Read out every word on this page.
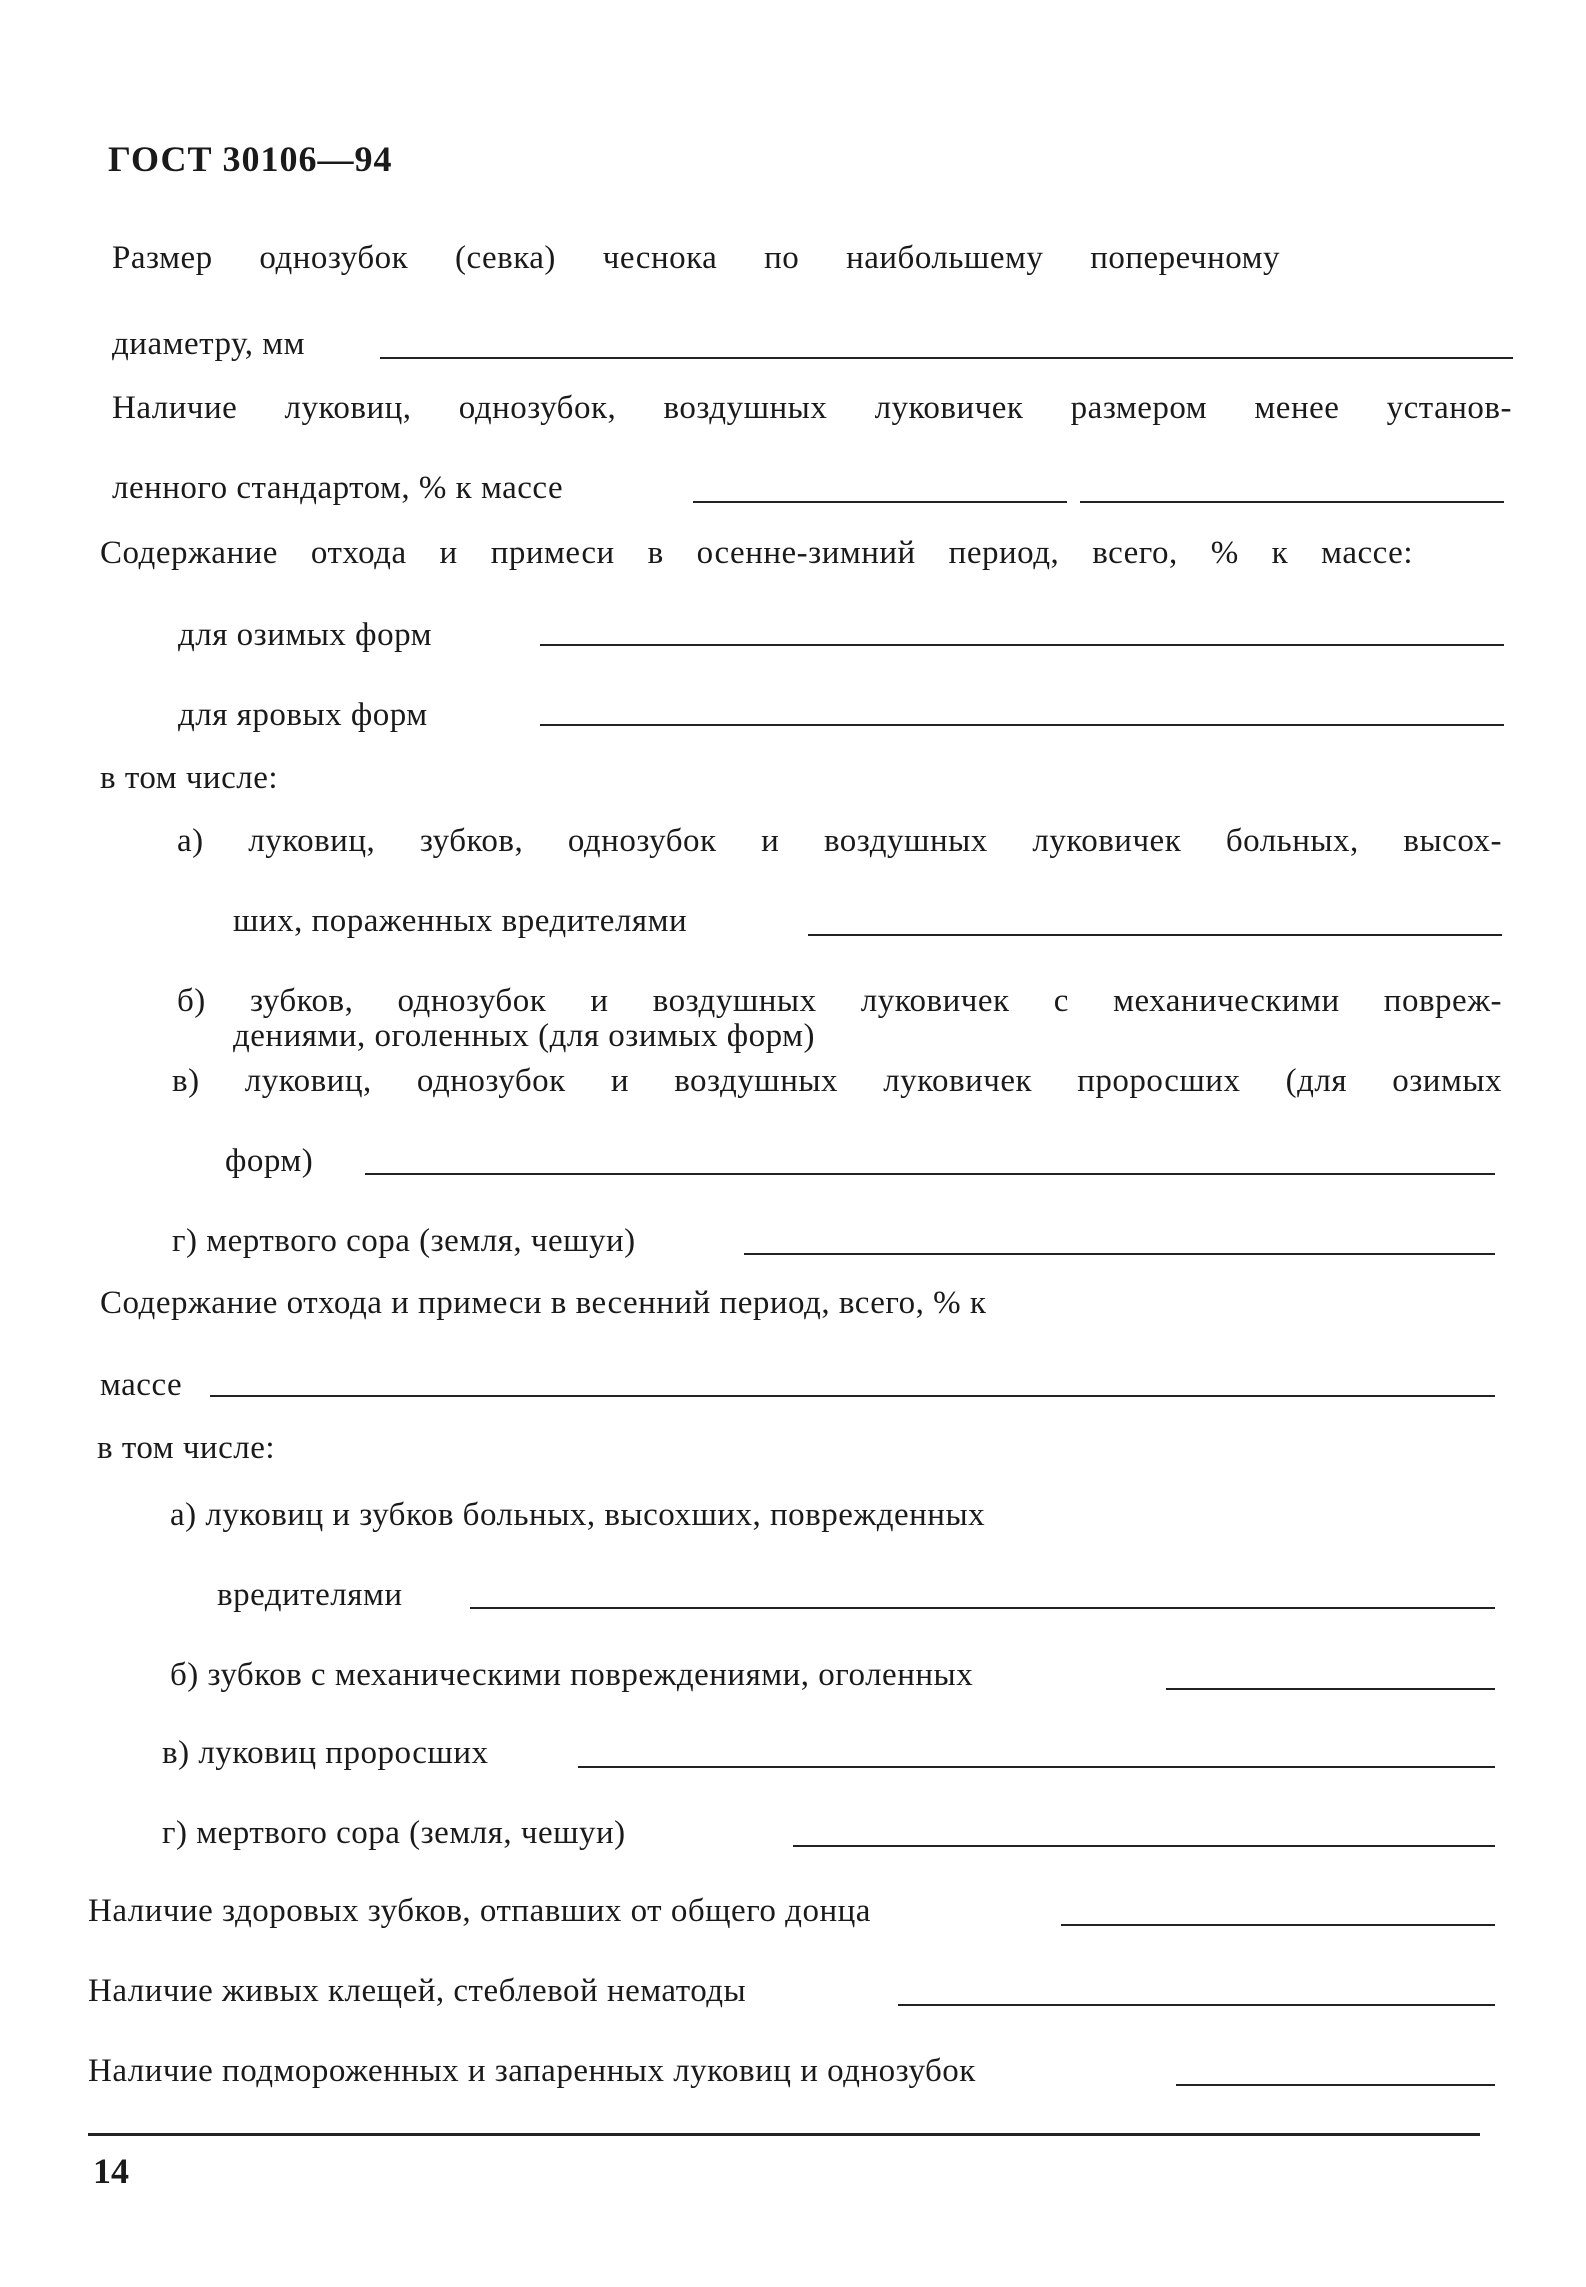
ГОСТ 30106—94
Размер однозубок (севка) чеснока по наибольшему поперечному
диаметру, мм
Наличие луковиц, однозубок, воздушных луковичек размером менее установ-
ленного стандартом, % к массе
Содержание отхода и примеси в осенне-зимний период, всего, % к массе:
для озимых форм
для яровых форм
в том числе:
а) луковиц, зубков, однозубок и воздушных луковичек больных, высох-
ших, пораженных вредителями
б) зубков, однозубок и воздушных луковичек с механическими повреж-
дениями, оголенных (для озимых форм)
в) луковиц, однозубок и воздушных луковичек проросших (для озимых
форм)
г) мертвого сора (земля, чешуи)
Содержание отхода и примеси в весенний период, всего, % к
массе
в том числе:
а) луковиц и зубков больных, высохших, поврежденных
вредителями
б) зубков с механическими повреждениями, оголенных
в) луковиц проросших
г) мертвого сора (земля, чешуи)
Наличие здоровых зубков, отпавших от общего донца
Наличие живых клещей, стеблевой нематоды
Наличие подмороженных и запаренных луковиц и однозубок
14
